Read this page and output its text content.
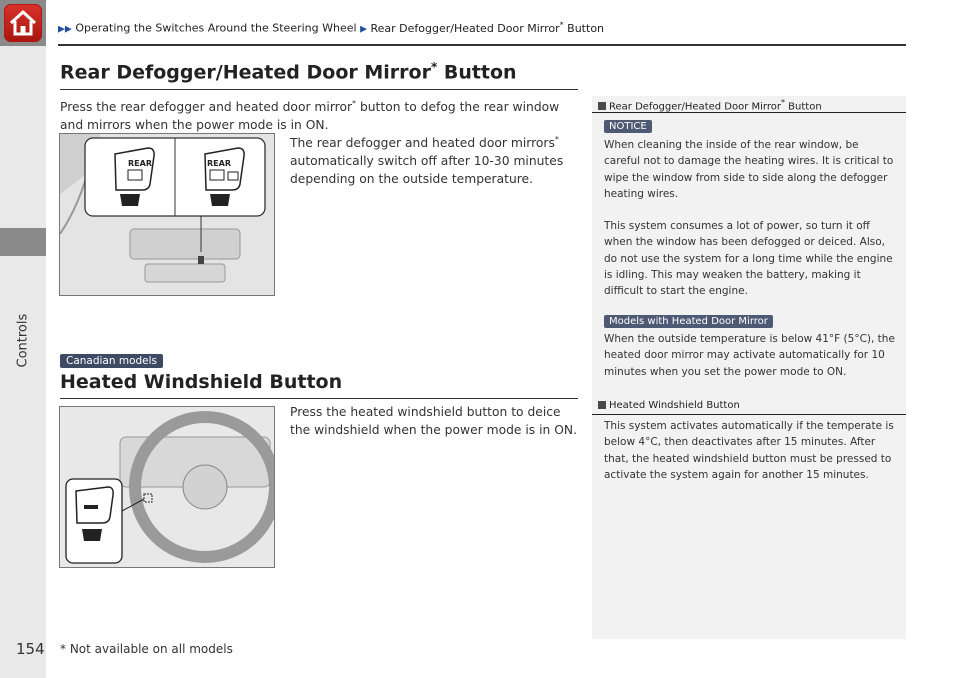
Controls
▶▶ Operating the Switches Around the Steering Wheel ▶ Rear Defogger/Heated Door Mirror* Button
Rear Defogger/Heated Door Mirror* Button
Press the rear defogger and heated door mirror* button to defog the rear window and mirrors when the power mode is in ON.
The rear defogger and heated door mirrors* automatically switch off after 10-30 minutes depending on the outside temperature.
REAR	REAR
Canadian models
Heated Windshield Button
Press the heated windshield button to deice the windshield when the power mode is in ON.
Rear Defogger/Heated Door Mirror* Button
NOTICE
When cleaning the inside of the rear window, be careful not to damage the heating wires. It is critical to wipe the window from side to side along the defogger heating wires.
This system consumes a lot of power, so turn it off when the window has been defogged or deiced. Also, do not use the system for a long time while the engine is idling. This may weaken the battery, making it difficult to start the engine.
Models with Heated Door Mirror
When the outside temperature is below 41°F (5°C), the heated door mirror may activate automatically for 10 minutes when you set the power mode to ON.
Heated Windshield Button
This system activates automatically if the temperate is below 4°C, then deactivates after 15 minutes. After that, the heated windshield button must be pressed to activate the system again for another 15 minutes.
154 * Not available on all models
